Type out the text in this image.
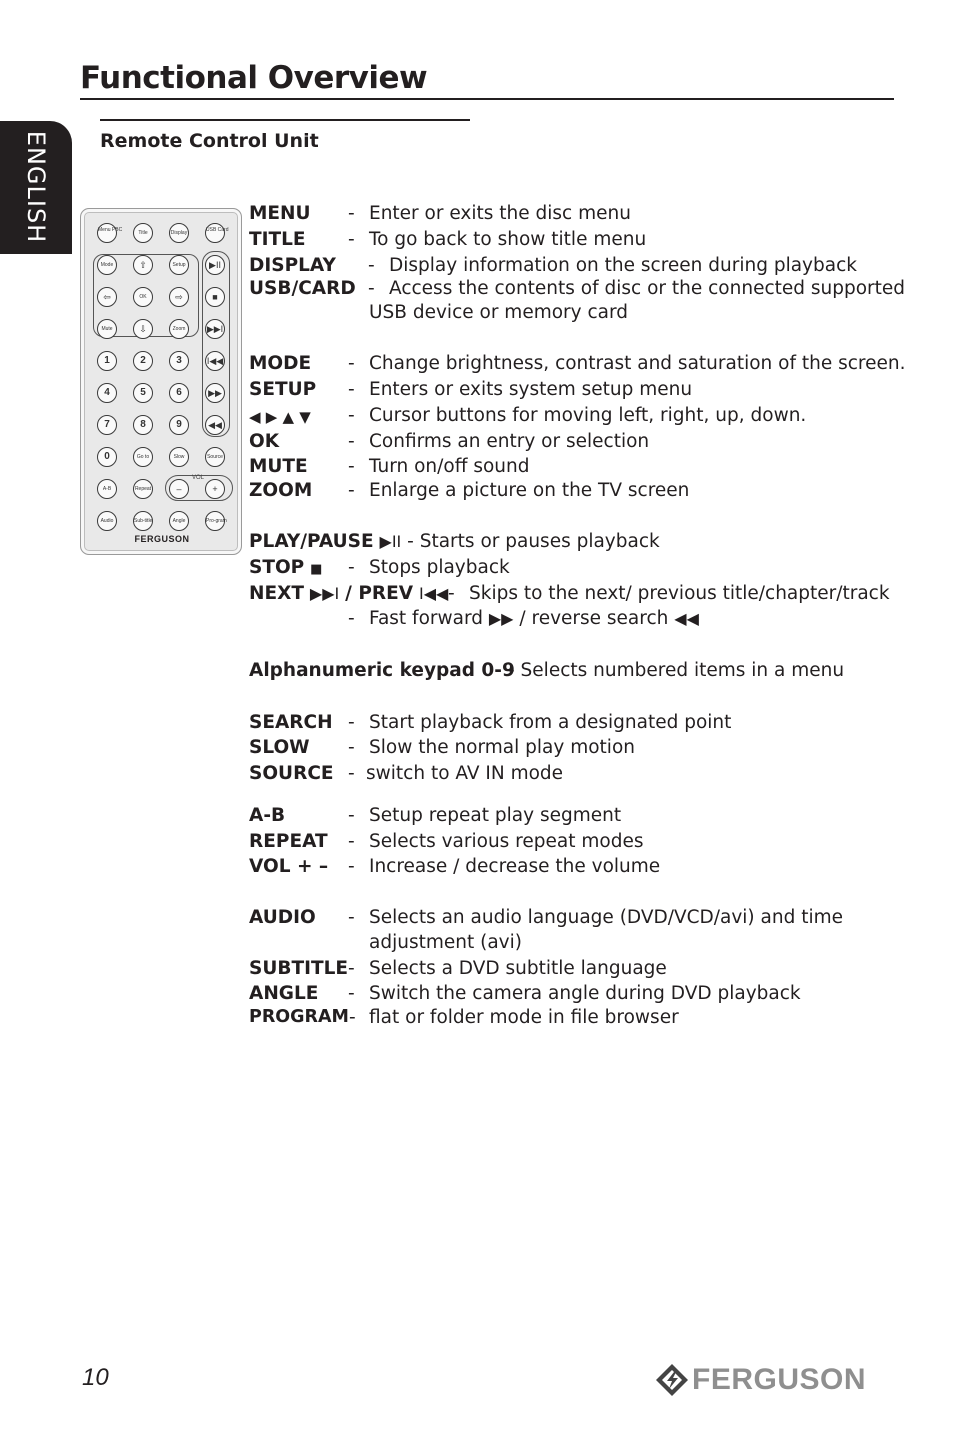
Functional Overview
Remote Control Unit
ENGLISH
VOL
Menu PBC	Title	Display	USB Card
Mode	⇧	Setup	▶II
⇦	OK	⇨	■
Mute	⇩	Zoom	▶▶I
1	2	3	I◀◀
4	5	6	▶▶
7	8	9	◀◀
0	Go to	Slow	Source
A-B	Repeat	–	+
Audio	Sub-title	Angle	Pro-gram
FERGUSON
MENU - Enter or exits the disc menu
TITLE - To go back to show title menu
DISPLAY - Display information on the screen during playback
USB/CARD - Access the contents of disc or the connected supported
USB device or memory card
MODE - Change brightness, contrast and saturation of the screen.
SETUP - Enters or exits system setup menu
◀ ▶ ▲ ▼ - Cursor buttons for moving left, right, up, down.
OK	- Confirms an entry or selection
MUTE - Turn on/off sound
ZOOM - Enlarge a picture on the TV screen
PLAY/PAUSE ▶II - Starts or pauses playback
STOP ■ - Stops playback
NEXT ▶▶I / PREV I◀◀ - Skips to the next/ previous title/chapter/track
- Fast forward ▶▶ / reverse search ◀◀
Alphanumeric keypad 0-9
- Selects numbered items in a menu
SEARCH - Start playback from a designated point
SLOW - Slow the normal play motion
SOURCE - switch to AV IN mode
A-B	- Setup repeat play segment
REPEAT - Selects various repeat modes
VOL + – - Increase / decrease the volume
AUDIO - Selects an audio language (DVD/VCD/avi) and time
adjustment (avi)
SUBTITLE - Selects a DVD subtitle language
ANGLE - Switch the camera angle during DVD playback
PROGRAM - flat or folder mode in file browser
10	FERGUSON
